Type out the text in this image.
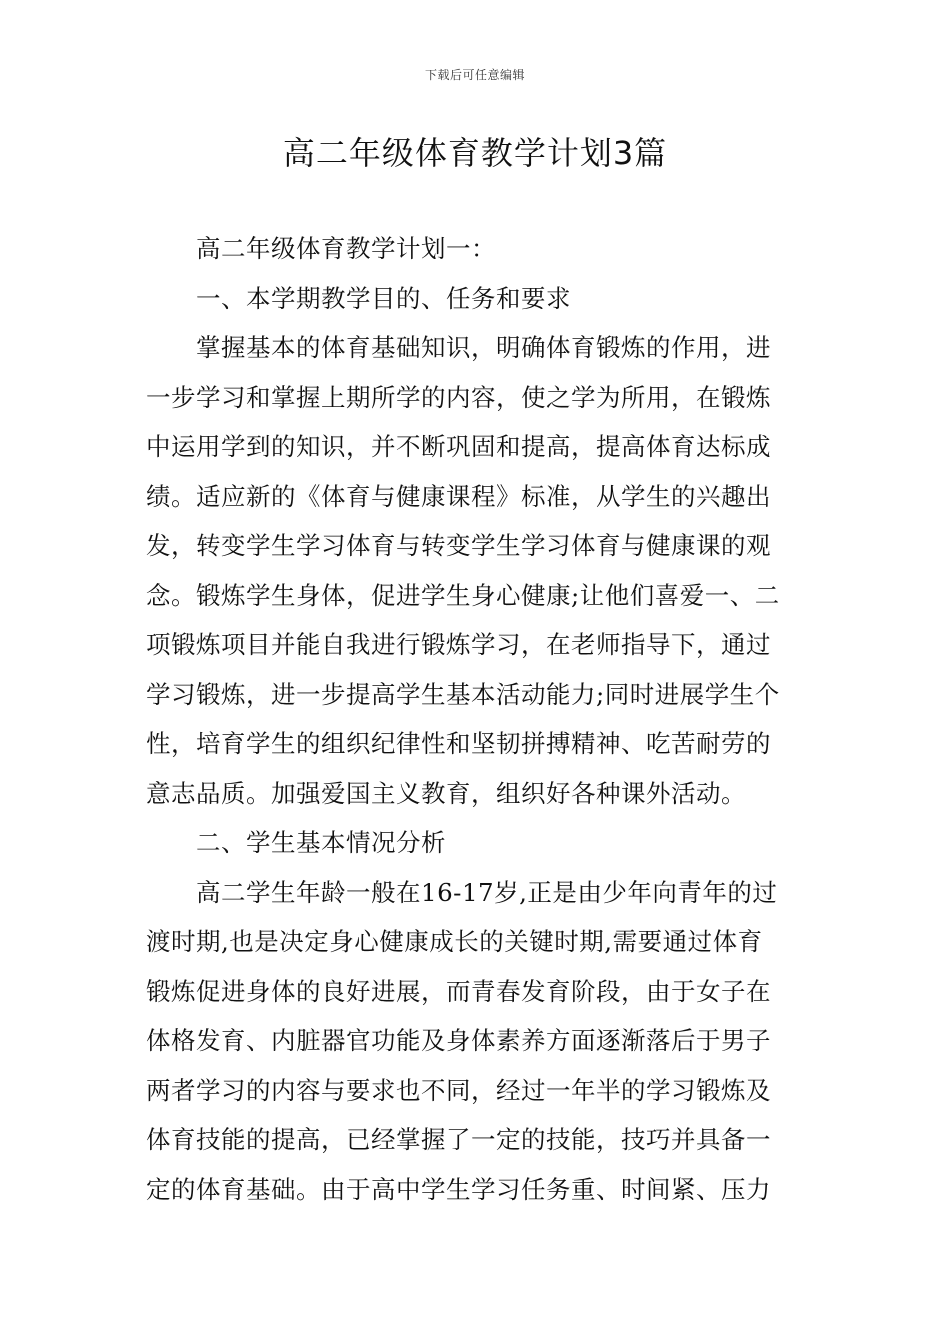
下载后可任意编辑
高二年级体育教学计划3篇
高二年级体育教学计划一：
一、本学期教学目的、任务和要求
掌握基本的体育基础知识，明确体育锻炼的作用，进
一步学习和掌握上期所学的内容，使之学为所用，在锻炼
中运用学到的知识，并不断巩固和提高，提高体育达标成
绩。适应新的《体育与健康课程》标准，从学生的兴趣出
发，转变学生学习体育与转变学生学习体育与健康课的观
念。锻炼学生身体，促进学生身心健康;让他们喜爱一、二
项锻炼项目并能自我进行锻炼学习，在老师指导下，通过
学习锻炼，进一步提高学生基本活动能力;同时进展学生个
性，培育学生的组织纪律性和坚韧拼搏精神、吃苦耐劳的
意志品质。加强爱国主义教育，组织好各种课外活动。
二、学生基本情况分析
高二学生年龄一般在16-17岁,正是由少年向青年的过
渡时期,也是决定身心健康成长的关键时期,需要通过体育
锻炼促进身体的良好进展，而青春发育阶段，由于女子在
体格发育、内脏器官功能及身体素养方面逐渐落后于男子
两者学习的内容与要求也不同，经过一年半的学习锻炼及
体育技能的提高，已经掌握了一定的技能，技巧并具备一
定的体育基础。由于高中学生学习任务重、时间紧、压力
